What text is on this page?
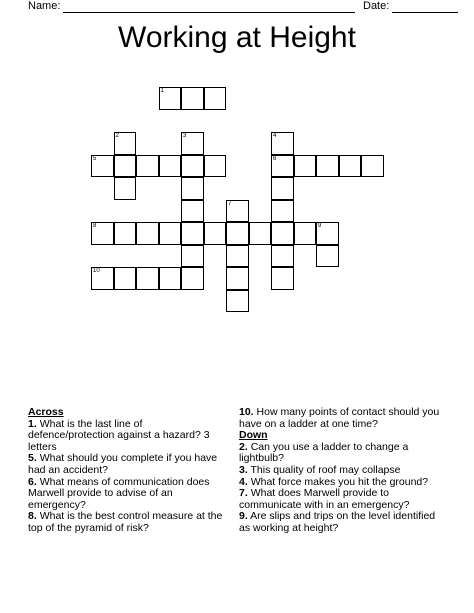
Name:	Date:
Working at Height
1
2	3	4
5	6
7
8	9
10
Across
1. What is the last line of defence/protection against a hazard? 3 letters
5. What should you complete if you have had an accident?
6. What means of communication does Marwell provide to advise of an emergency?
8. What is the best control measure at the top of the pyramid of risk?
10. How many points of contact should you have on a ladder at one time?
Down
2. Can you use a ladder to change a lightbulb?
3. This quality of roof may collapse
4. What force makes you hit the ground?
7. What does Marwell provide to communicate with in an emergency?
9. Are slips and trips on the level identified as working at height?
